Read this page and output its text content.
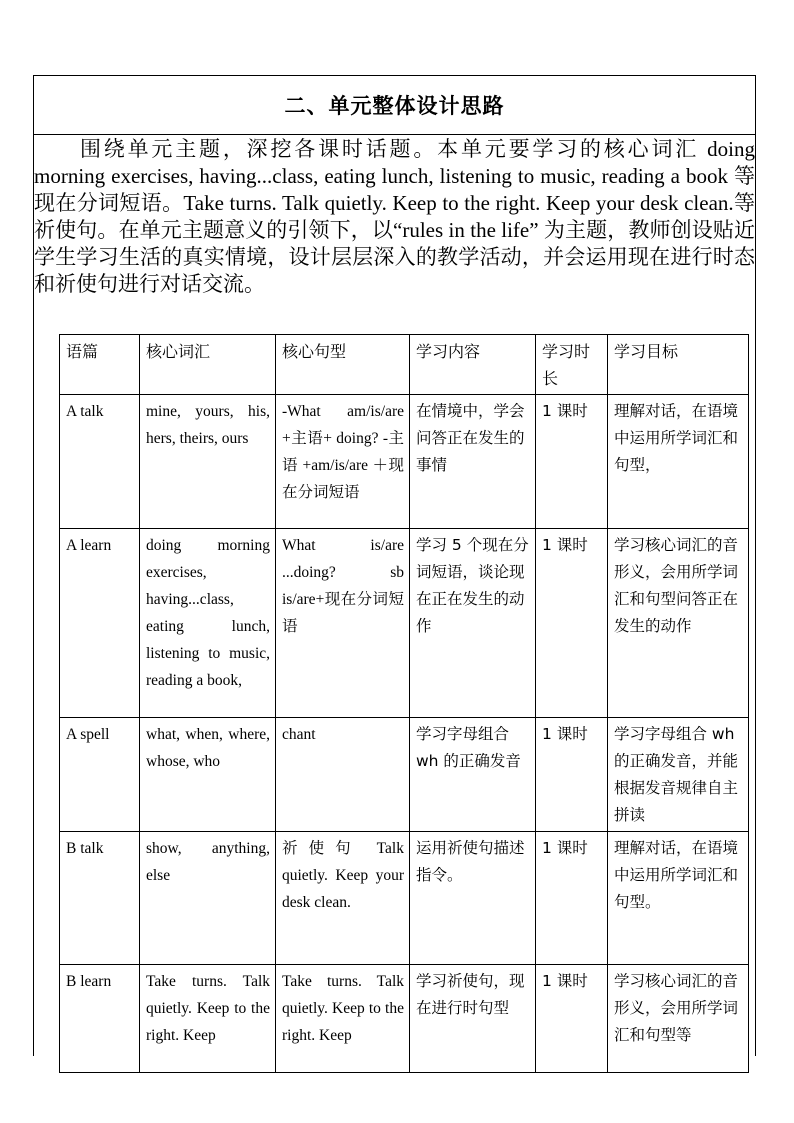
二、单元整体设计思路

围绕单元主题，深挖各课时话题。本单元要学习的核心词汇 doing morning exercises, having...class, eating lunch, listening to music, reading a book 等现在分词短语。Take turns. Talk quietly. Keep to the right. Keep your desk clean.等祈使句。在单元主题意义的引领下，以“rules in the life” 为主题，教师创设贴近学生学习生活的真实情境，设计层层深入的教学活动，并会运用现在进行时态和祈使句进行对话交流。

语篇	核心词汇	核心句型	学习内容	学习时长	学习目标
A talk	mine, yours, his, hers, theirs, ours	-What am/is/are +主语+ doing? -主语 +am/is/are ＋现在分词短语	在情境中，学会问答正在发生的事情	1 课时	理解对话，在语境中运用所学词汇和句型，
A learn	doing morning exercises, having...class, eating lunch, listening to music, reading a book,	What is/are ...doing? sb is/are+现在分词短语	学习 5 个现在分词短语，谈论现在正在发生的动作	1 课时	学习核心词汇的音形义，会用所学词汇和句型问答正在发生的动作
A spell	what, when, where, whose, who	chant	学习字母组合 wh 的正确发音	1 课时	学习字母组合 wh 的正确发音，并能根据发音规律自主拼读
B talk	show, anything, else	祈使句 Talk quietly. Keep your desk clean.	运用祈使句描述指令。	1 课时	理解对话，在语境中运用所学词汇和句型。
B learn	Take turns. Talk quietly. Keep to the right. Keep	Take turns. Talk quietly. Keep to the right. Keep	学习祈使句，现在进行时句型	1 课时	学习核心词汇的音形义，会用所学词汇和句型等
